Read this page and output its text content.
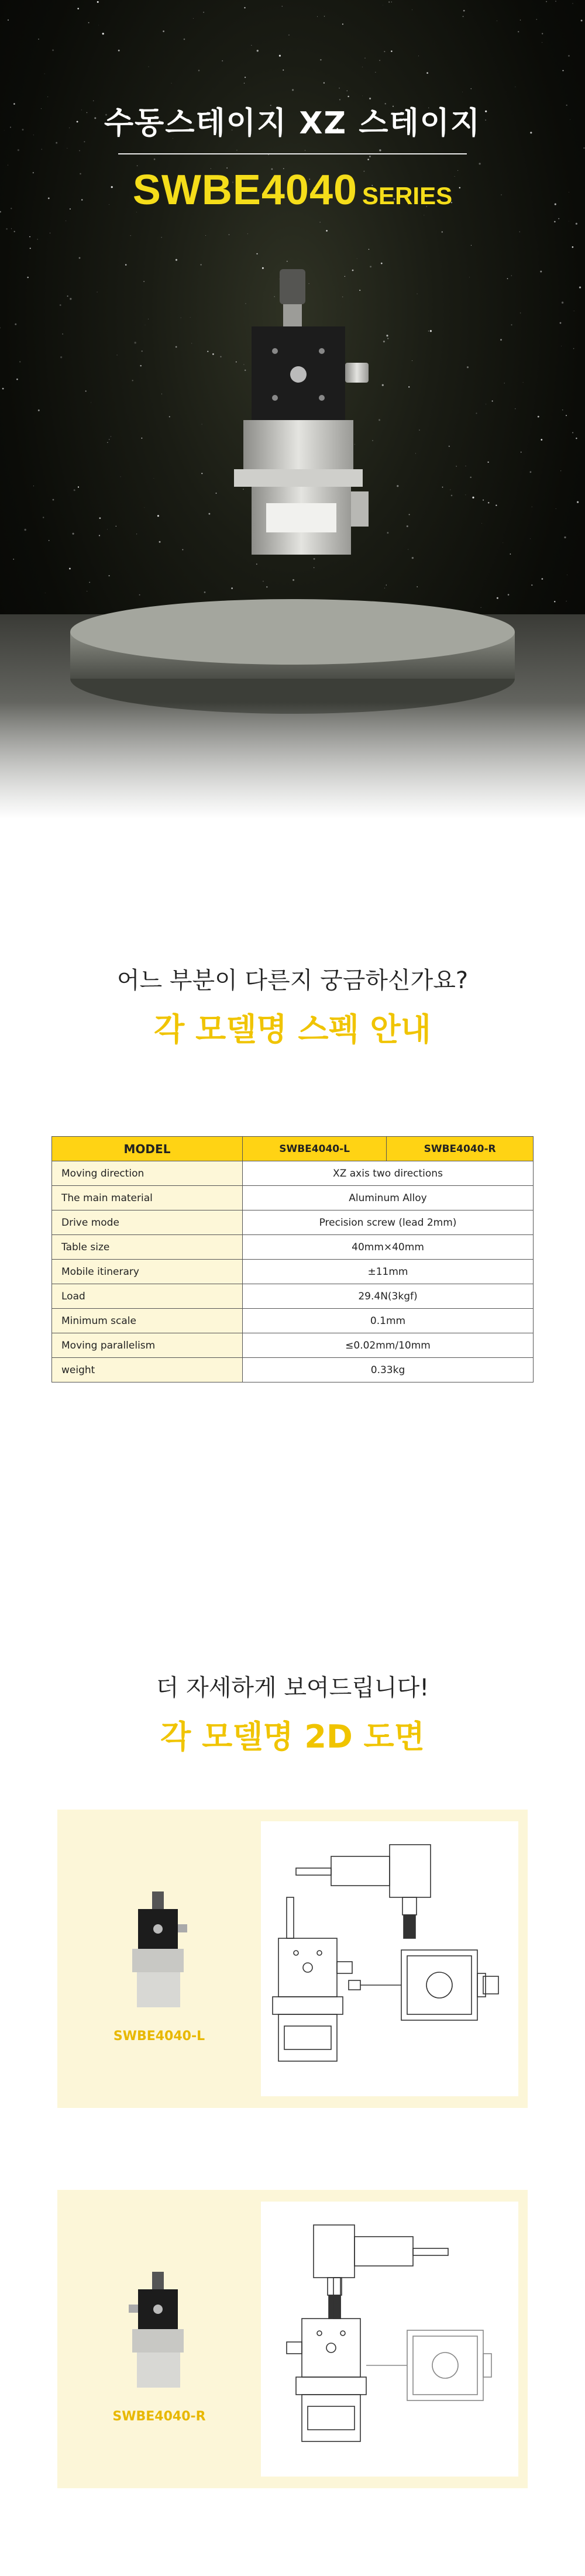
수동스테이지 XZ 스테이지
SWBE4040 SERIES
어느 부분이 다른지 궁금하신가요?
각 모델명 스펙 안내
MODEL	SWBE4040-L	SWBE4040-R
Moving direction	XZ axis two directions	
The main material	Aluminum Alloy	
Drive mode	Precision screw (lead 2mm)	
Table size	40mm×40mm	
Mobile itinerary	±11mm	
Load	29.4N(3kgf)	
Minimum scale	0.1mm	
Moving parallelism	≤0.02mm/10mm	
weight	0.33kg	
더 자세하게 보여드립니다!
각 모델명 2D 도면
SWBE4040-L
SWBE4040-R
